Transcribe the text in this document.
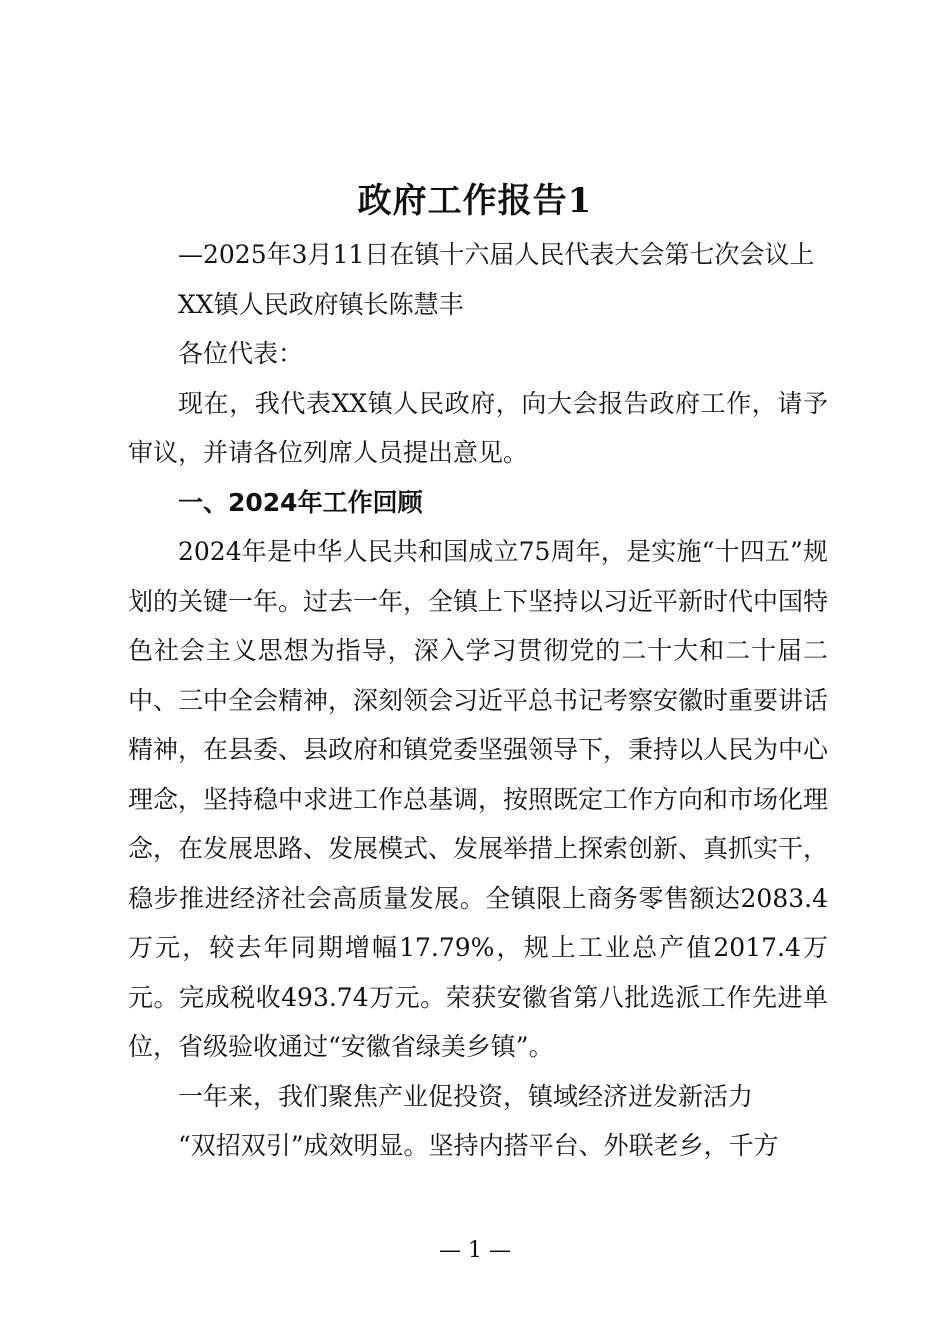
政府工作报告1

—2025年3月11日在镇十六届人民代表大会第七次会议上

XX镇人民政府镇长陈慧丰

各位代表：

现在，我代表XX镇人民政府，向大会报告政府工作，请予审议，并请各位列席人员提出意见。

一、2024年工作回顾

2024年是中华人民共和国成立75周年，是实施“十四五”规划的关键一年。过去一年，全镇上下坚持以习近平新时代中国特色社会主义思想为指导，深入学习贯彻党的二十大和二十届二中、三中全会精神，深刻领会习近平总书记考察安徽时重要讲话精神，在县委、县政府和镇党委坚强领导下，秉持以人民为中心理念，坚持稳中求进工作总基调，按照既定工作方向和市场化理念，在发展思路、发展模式、发展举措上探索创新、真抓实干，稳步推进经济社会高质量发展。全镇限上商务零售额达2083.4万元，较去年同期增幅17.79%，规上工业总产值2017.4万元。完成税收493.74万元。荣获安徽省第八批选派工作先进单位，省级验收通过“安徽省绿美乡镇”。

一年来，我们聚焦产业促投资，镇域经济迸发新活力

“双招双引”成效明显。坚持内搭平台、外联老乡，千方

— 1 —
